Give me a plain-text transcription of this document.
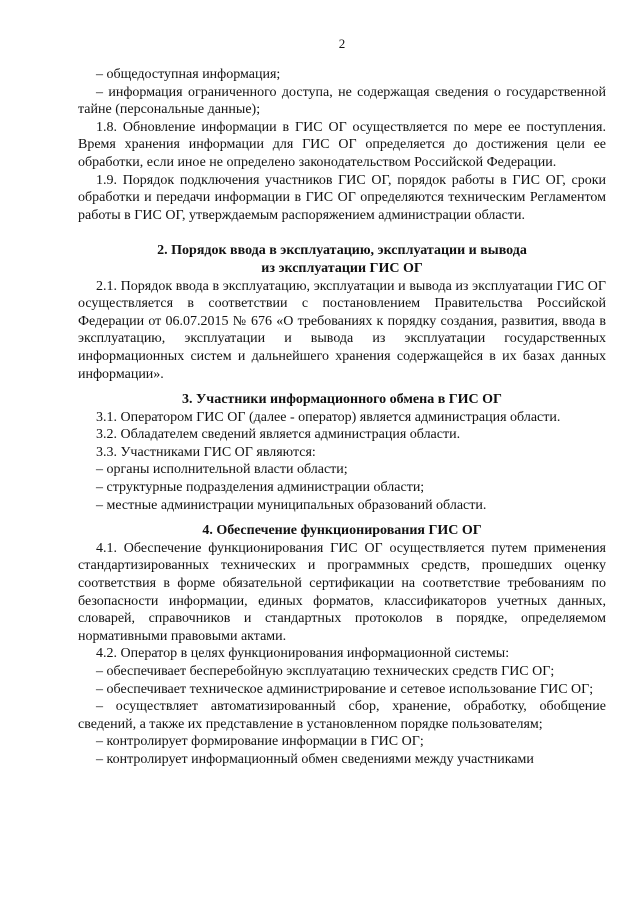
2

– общедоступная информация;

– информация ограниченного доступа, не содержащая сведения о государственной тайне (персональные данные);

1.8. Обновление информации в ГИС ОГ осуществляется по мере ее поступления. Время хранения информации для ГИС ОГ определяется до достижения цели ее обработки, если иное не определено законодательством Российской Федерации.

1.9. Порядок подключения участников ГИС ОГ, порядок работы в ГИС ОГ, сроки обработки и передачи информации в ГИС ОГ определяются техническим Регламентом работы в ГИС ОГ, утверждаемым распоряжением администрации области.

2. Порядок ввода в эксплуатацию, эксплуатации и вывода
из эксплуатации ГИС ОГ

2.1. Порядок ввода в эксплуатацию, эксплуатации и вывода из эксплуатации ГИС ОГ осуществляется в соответствии с постановлением Правительства Российской Федерации от 06.07.2015 № 676 «О требованиях к порядку создания, развития, ввода в эксплуатацию, эксплуатации и вывода из эксплуатации государственных информационных систем и дальнейшего хранения содержащейся в их базах данных информации».

3. Участники информационного обмена в ГИС ОГ

3.1. Оператором ГИС ОГ (далее - оператор) является администрация области.

3.2. Обладателем сведений является администрация области.

3.3. Участниками ГИС ОГ являются:

– органы исполнительной власти области;

– структурные подразделения администрации области;

– местные администрации муниципальных образований области.

4. Обеспечение функционирования ГИС ОГ

4.1. Обеспечение функционирования ГИС ОГ осуществляется путем применения стандартизированных технических и программных средств, прошедших оценку соответствия в форме обязательной сертификации на соответствие требованиям по безопасности информации, единых форматов, классификаторов учетных данных, словарей, справочников и стандартных протоколов в порядке, определяемом нормативными правовыми актами.

4.2. Оператор в целях функционирования информационной системы:

– обеспечивает бесперебойную эксплуатацию технических средств ГИС ОГ;

– обеспечивает техническое администрирование и сетевое использование ГИС ОГ;

– осуществляет автоматизированный сбор, хранение, обработку, обобщение сведений, а также их представление в установленном порядке пользователям;

– контролирует формирование информации в ГИС ОГ;

– контролирует информационный обмен сведениями между участниками
